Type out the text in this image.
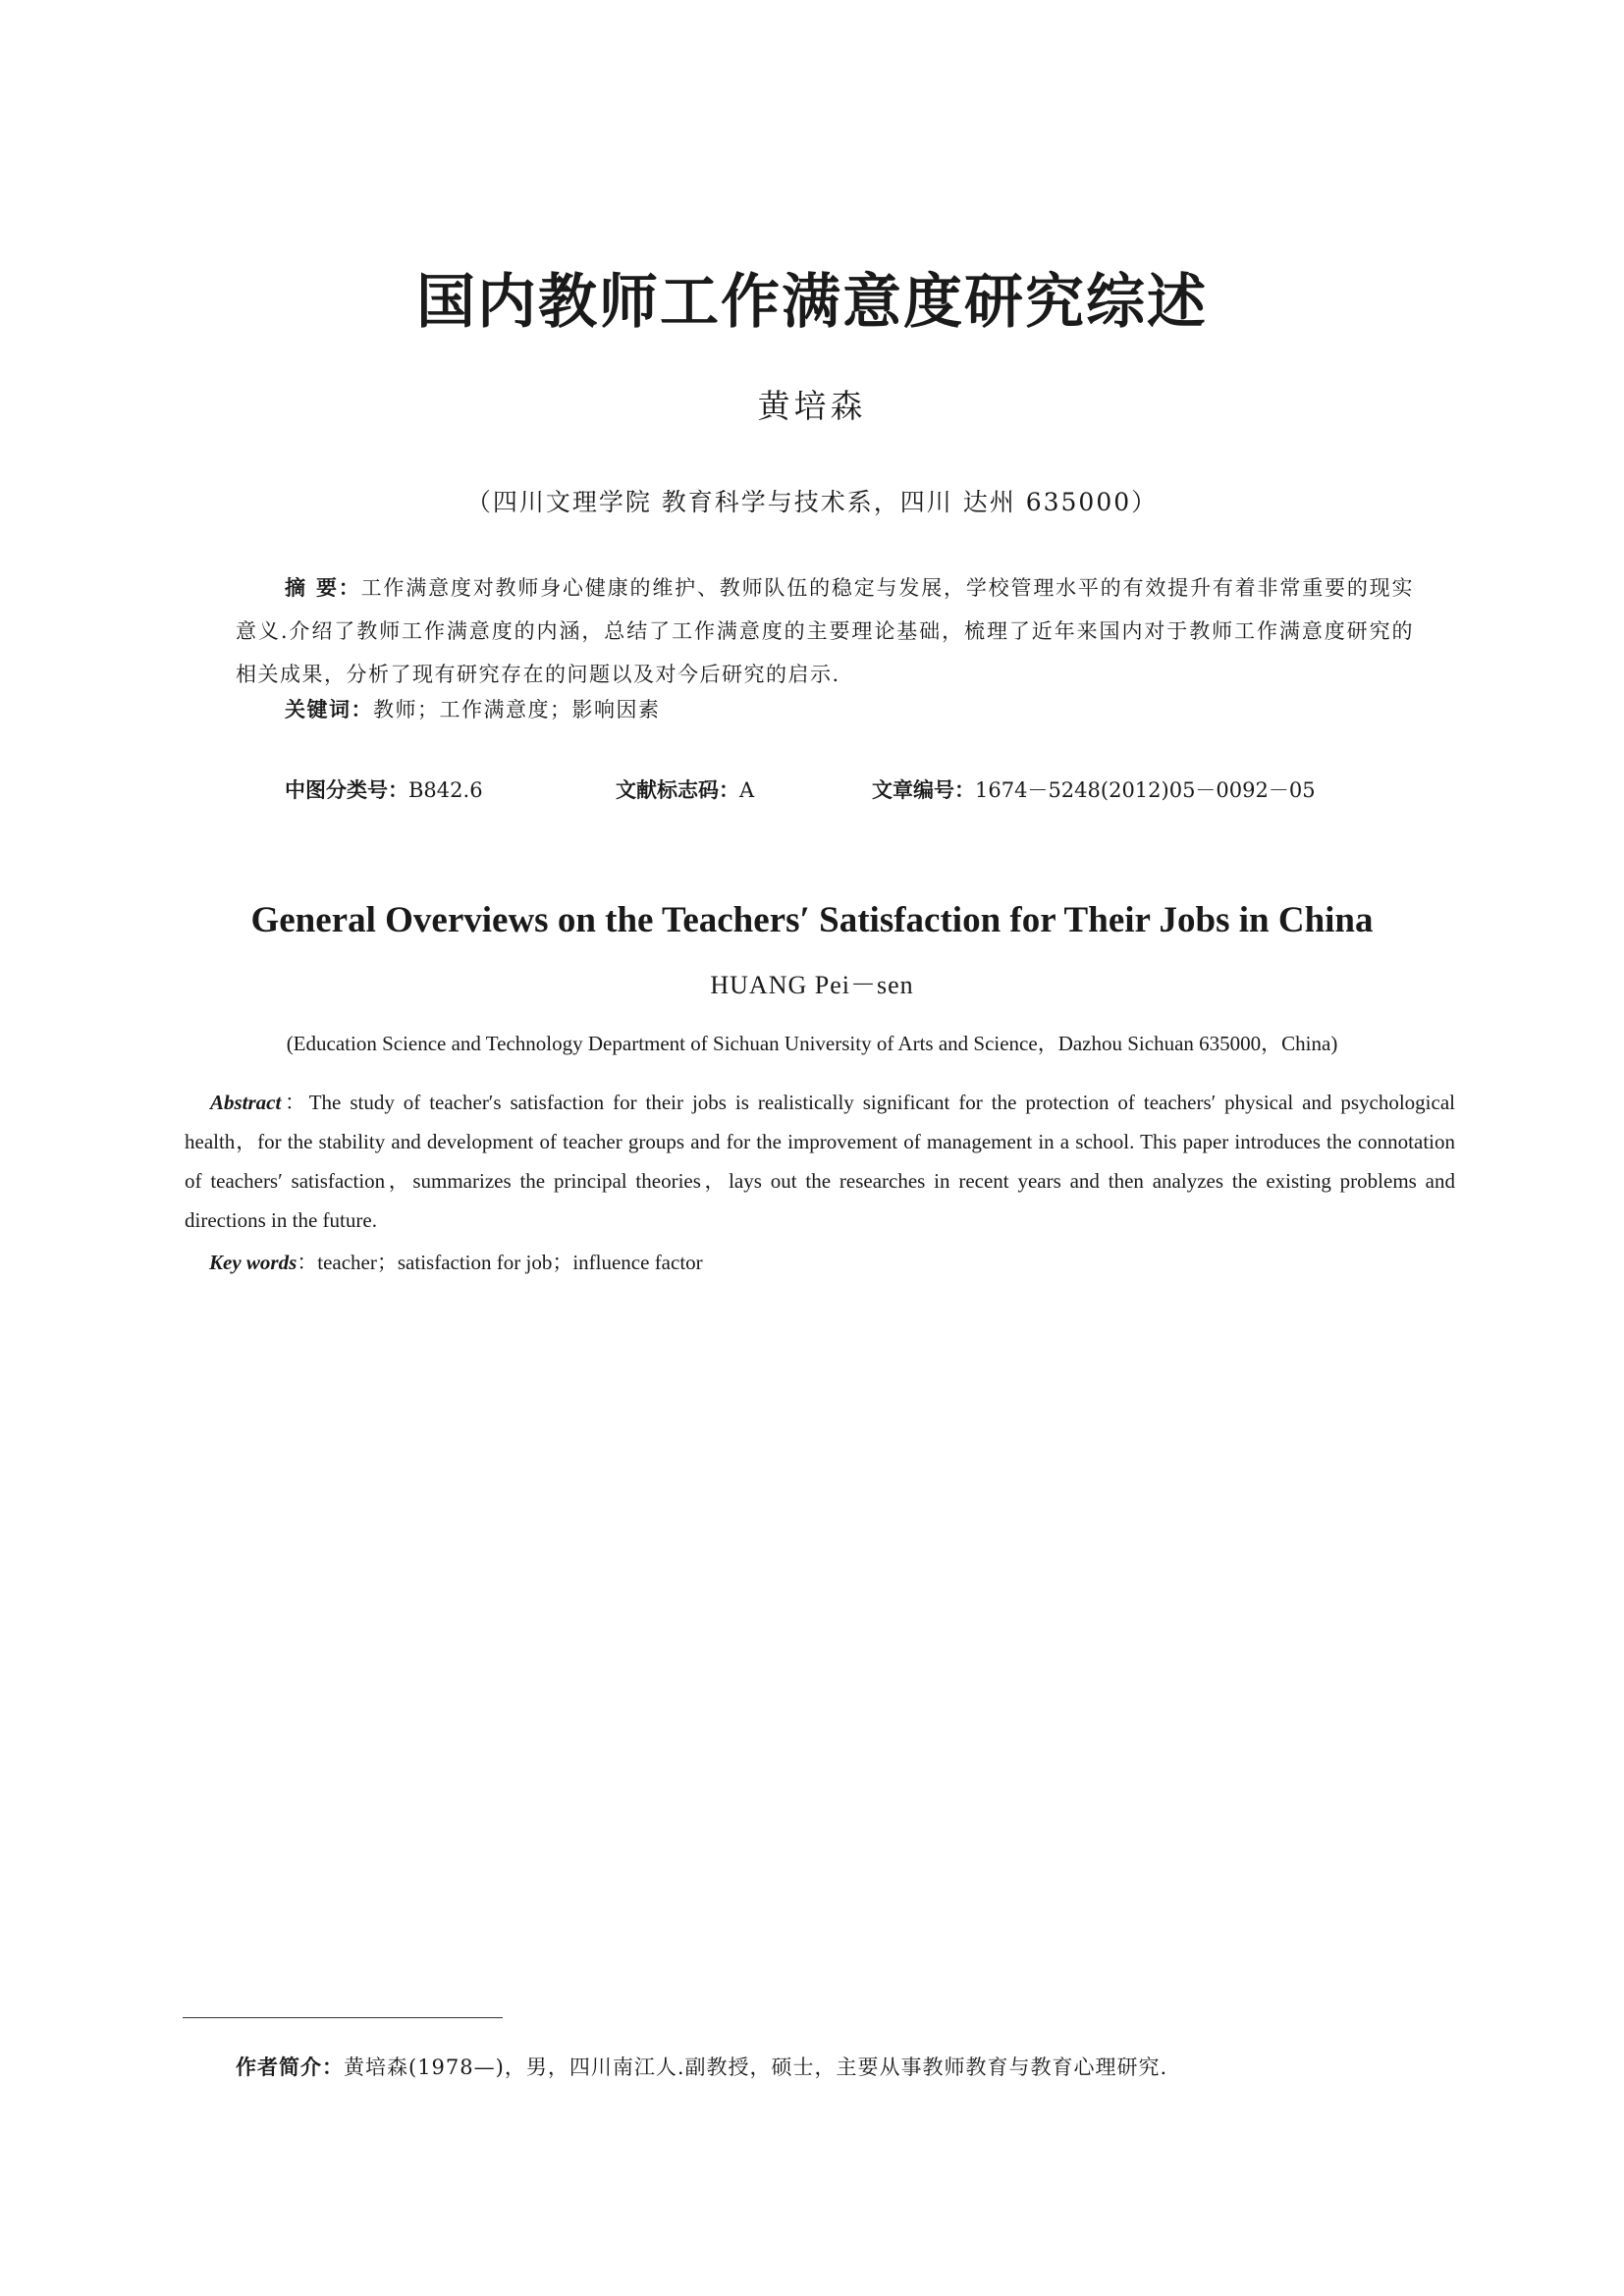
国内教师工作满意度研究综述
黄培森
（四川文理学院 教育科学与技术系，四川 达州 635000）
摘 要：工作满意度对教师身心健康的维护、教师队伍的稳定与发展，学校管理水平的有效提升有着非常重要的现实意义.介绍了教师工作满意度的内涵，总结了工作满意度的主要理论基础，梳理了近年来国内对于教师工作满意度研究的相关成果，分析了现有研究存在的问题以及对今后研究的启示.
关键词：教师；工作满意度；影响因素
中图分类号：B842.6	文献标志码：A	文章编号：1674－5248(2012)05－0092－05
General Overviews on the Teachers′ Satisfaction for Their Jobs in China
HUANG Pei－sen
(Education Science and Technology Department of Sichuan University of Arts and Science，Dazhou Sichuan 635000，China)
Abstract：The study of teacher′s satisfaction for their jobs is realistically significant for the protection of teachers′ physical and psychological health，for the stability and development of teacher groups and for the improvement of management in a school. This paper introduces the connotation of teachers′ satisfaction，summarizes the principal theories，lays out the researches in recent years and then analyzes the existing problems and directions in the future.
Key words：teacher；satisfaction for job；influence factor
作者简介：黄培森(1978—)，男，四川南江人.副教授，硕士，主要从事教师教育与教育心理研究.
